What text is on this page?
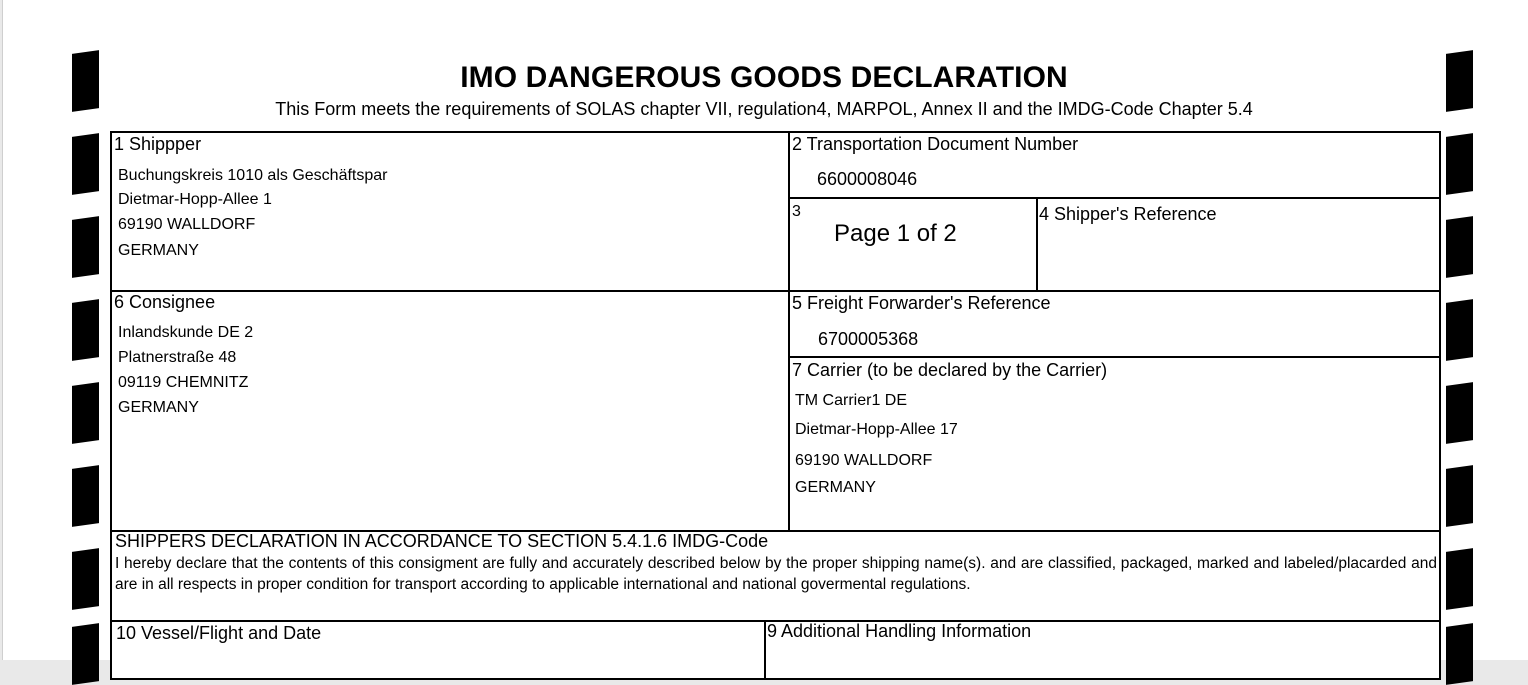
IMO DANGEROUS GOODS DECLARATION
This Form meets the requirements of SOLAS chapter VII, regulation4, MARPOL, Annex II and the IMDG-Code Chapter 5.4
1 Shippper
Buchungskreis 1010 als Geschäftspar
Dietmar-Hopp-Allee 1
69190 WALLDORF
GERMANY
2 Transportation Document Number
6600008046
3
Page 1 of 2
4 Shipper's Reference
6 Consignee
Inlandskunde DE 2
Platnerstraße 48
09119 CHEMNITZ
GERMANY
5 Freight Forwarder's Reference
6700005368
7 Carrier (to be declared by the Carrier)
TM Carrier1 DE
Dietmar-Hopp-Allee 17
69190 WALLDORF
GERMANY
SHIPPERS DECLARATION IN ACCORDANCE TO SECTION 5.4.1.6 IMDG-Code
I hereby declare that the contents of this consigment are fully and accurately described below by the proper shipping name(s). and are classified, packaged, marked and labeled/placarded and are in all respects in proper condition for transport according to applicable international and national govermental regulations.
10 Vessel/Flight and Date	9 Additional Handling Information
